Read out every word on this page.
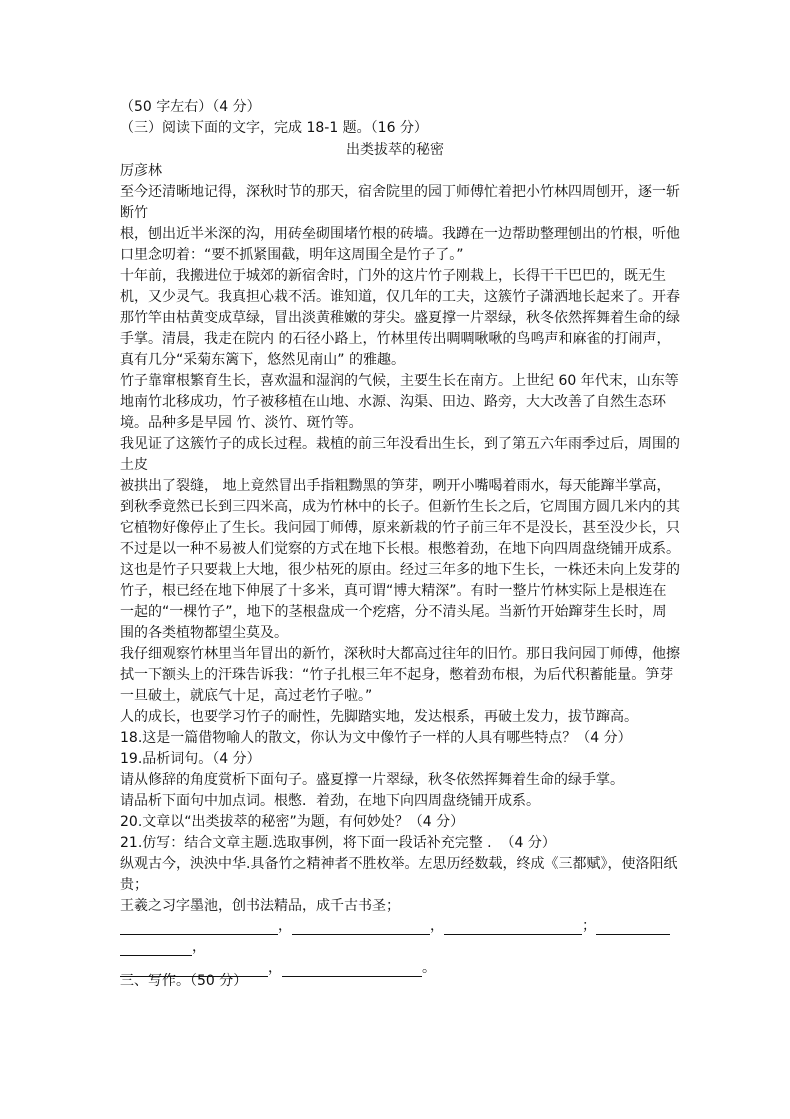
（50 字左右）（4 分）

（三）阅读下面的文字，完成 18-1 题。（16 分）

出类拔萃的秘密

厉彦林

至今还清晰地记得，深秋时节的那天，宿舍院里的园丁师傅忙着把小竹林四周刨开，逐一斩断竹

根，刨出近半米深的沟，用砖垒砌围堵竹根的砖墙。我蹲在一边帮助整理刨出的竹根，听他口里念叨着：“要不抓紧围截，明年这周围全是竹子了。”

十年前，我搬进位于城郊的新宿舍时，门外的这片竹子刚栽上，长得干干巴巴的，既无生机，又少灵气。我真担心栽不活。谁知道，仅几年的工夫，这簇竹子潇洒地长起来了。开春那竹竿由枯黄变成草绿，冒出淡黄稚嫩的芽尖。盛夏撑一片翠绿，秋冬依然挥舞着生命的绿手掌。清晨，我走在院内 的石径小路上，竹林里传出啁啁啾啾的鸟鸣声和麻雀的打闹声，真有几分“采菊东篱下，悠然见南山” 的雅趣。

竹子靠窜根繁育生长，喜欢温和湿润的气候，主要生长在南方。上世纪 60 年代末，山东等地南竹北移成功，竹子被移植在山地、水源、沟渠、田边、路旁，大大改善了自然生态环境。品种多是早园 竹、淡竹、斑竹等。

我见证了这簇竹子的成长过程。栽植的前三年没看出生长，到了第五六年雨季过后，周围的土皮

被拱出了裂缝， 地上竟然冒出手指粗黝黑的笋芽，咧开小嘴喝着雨水，每天能蹿半掌高，到秋季竟然已长到三四米高，成为竹林中的长子。但新竹生长之后，它周围方圆几米内的其它植物好像停止了生长。我问园丁师傅，原来新栽的竹子前三年不是没长，甚至没少长，只不过是以一种不易被人们觉察的方式在地下长根。根憋着劲，在地下向四周盘绕铺开成系。这也是竹子只要栽上大地，很少枯死的原由。经过三年多的地下生长，一株还未向上发芽的竹子，根已经在地下伸展了十多米，真可谓“博大精深”。有时一整片竹林实际上是根连在一起的“一棵竹子”，地下的茎根盘成一个疙瘩，分不清头尾。当新竹开始蹿芽生长时，周围的各类植物都望尘莫及。

我仔细观察竹林里当年冒出的新竹，深秋时大都高过往年的旧竹。那日我问园丁师傅，他擦拭一下额头上的汗珠告诉我：“竹子扎根三年不起身，憋着劲布根，为后代积蓄能量。笋芽一旦破土，就底气十足，高过老竹子啦。”

人的成长，也要学习竹子的耐性，先脚踏实地，发达根系，再破土发力，拔节蹿高。

18.这是一篇借物喻人的散文，你认为文中像竹子一样的人具有哪些特点？（4 分）

19.品析词句。（4 分）

请从修辞的角度赏析下面句子。盛夏撑一片翠绿，秋冬依然挥舞着生命的绿手掌。

请品析下面句中加点词。根憋．着劲，在地下向四周盘绕铺开成系。

20.文章以“出类拔萃的秘密”为题，有何妙处？（4 分）

21.仿写：结合文章主题.选取事例，将下面一段话补充完整 .  （4 分）

纵观古今，泱泱中华.具备竹之精神者不胜枚举。左思历经数载，终成《三都赋》，使洛阳纸贵；

王羲之习字墨池，创书法精品，成千古书圣；

，	，	；
，
，	。

三、写作。（50 分）
